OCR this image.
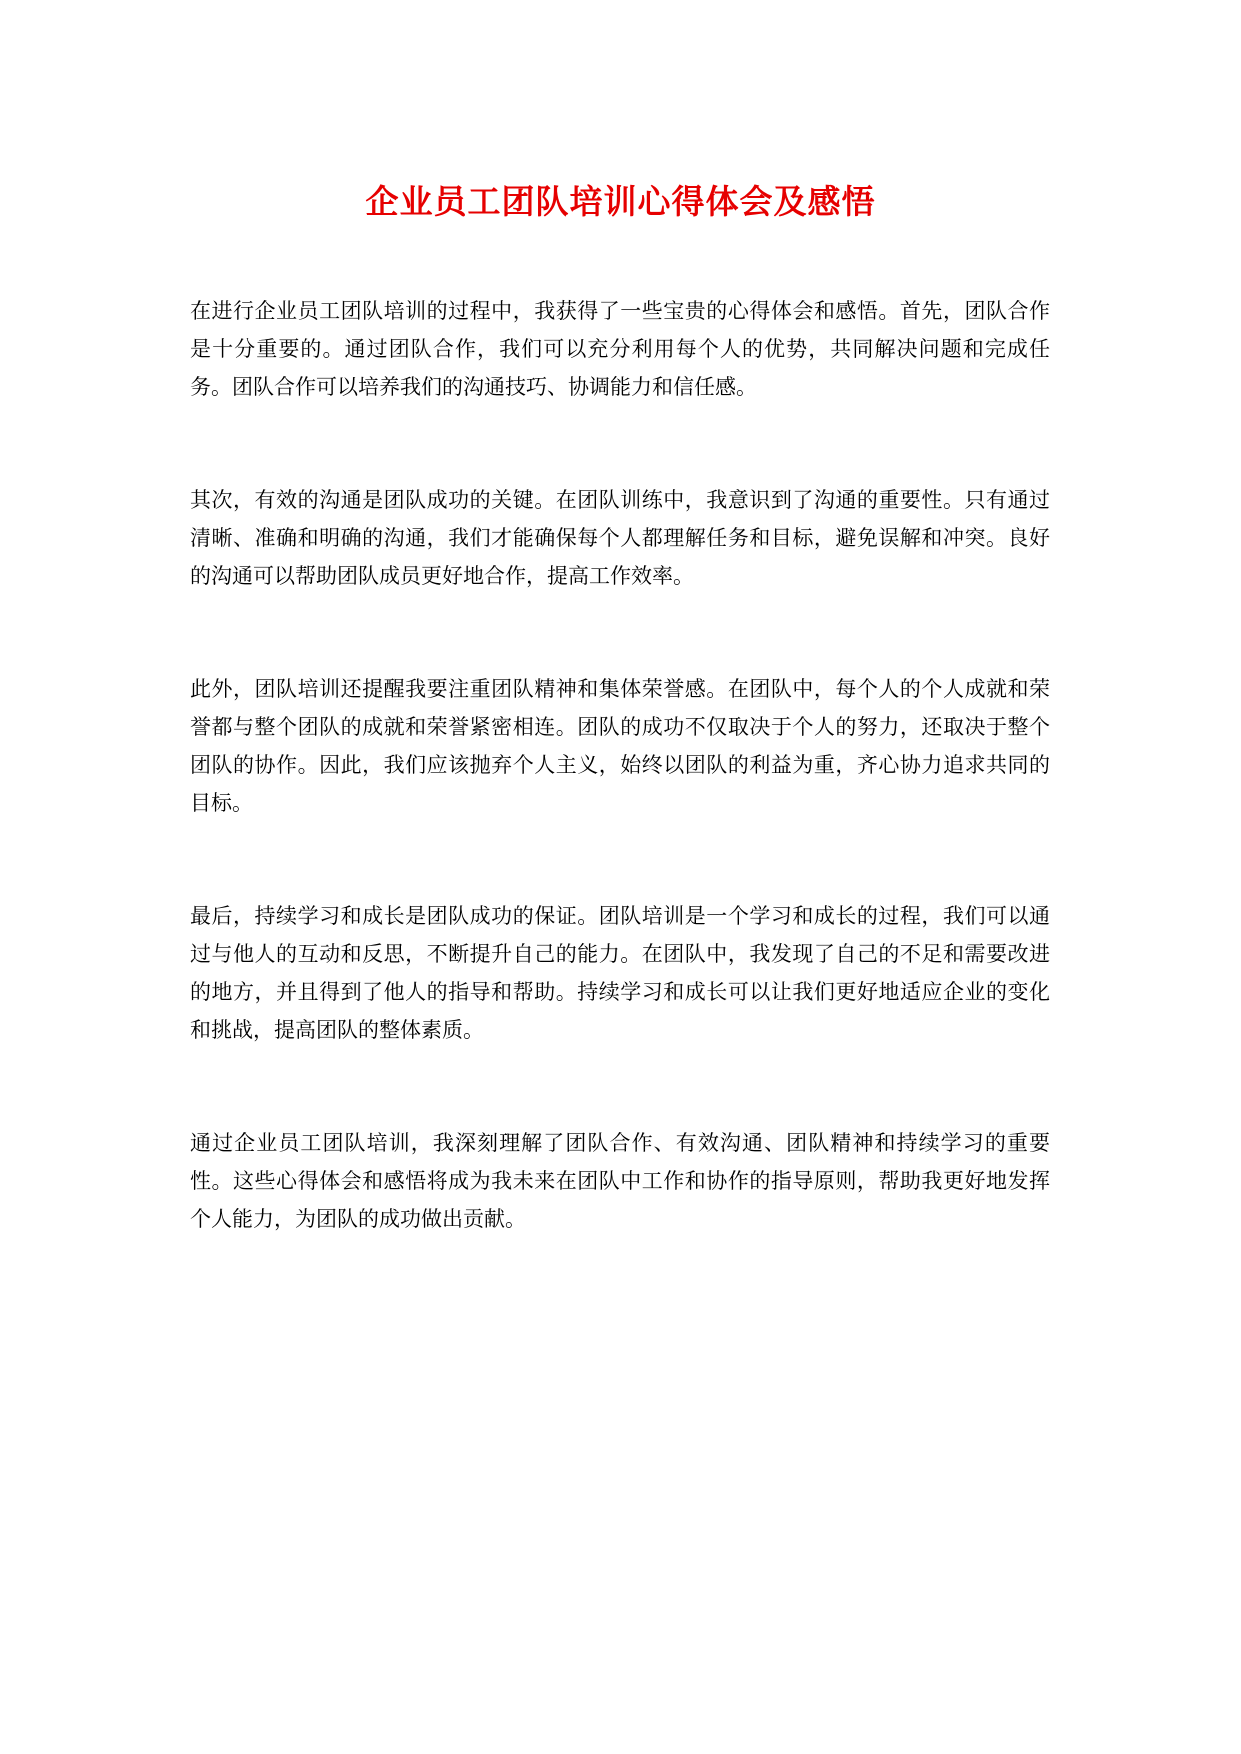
企业员工团队培训心得体会及感悟

在进行企业员工团队培训的过程中，我获得了一些宝贵的心得体会和感悟。首先，团队合作是十分重要的。通过团队合作，我们可以充分利用每个人的优势，共同解决问题和完成任务。团队合作可以培养我们的沟通技巧、协调能力和信任感。

其次，有效的沟通是团队成功的关键。在团队训练中，我意识到了沟通的重要性。只有通过清晰、准确和明确的沟通，我们才能确保每个人都理解任务和目标，避免误解和冲突。良好的沟通可以帮助团队成员更好地合作，提高工作效率。

此外，团队培训还提醒我要注重团队精神和集体荣誉感。在团队中，每个人的个人成就和荣誉都与整个团队的成就和荣誉紧密相连。团队的成功不仅取决于个人的努力，还取决于整个团队的协作。因此，我们应该抛弃个人主义，始终以团队的利益为重，齐心协力追求共同的目标。

最后，持续学习和成长是团队成功的保证。团队培训是一个学习和成长的过程，我们可以通过与他人的互动和反思，不断提升自己的能力。在团队中，我发现了自己的不足和需要改进的地方，并且得到了他人的指导和帮助。持续学习和成长可以让我们更好地适应企业的变化和挑战，提高团队的整体素质。

通过企业员工团队培训，我深刻理解了团队合作、有效沟通、团队精神和持续学习的重要性。这些心得体会和感悟将成为我未来在团队中工作和协作的指导原则，帮助我更好地发挥个人能力，为团队的成功做出贡献。
